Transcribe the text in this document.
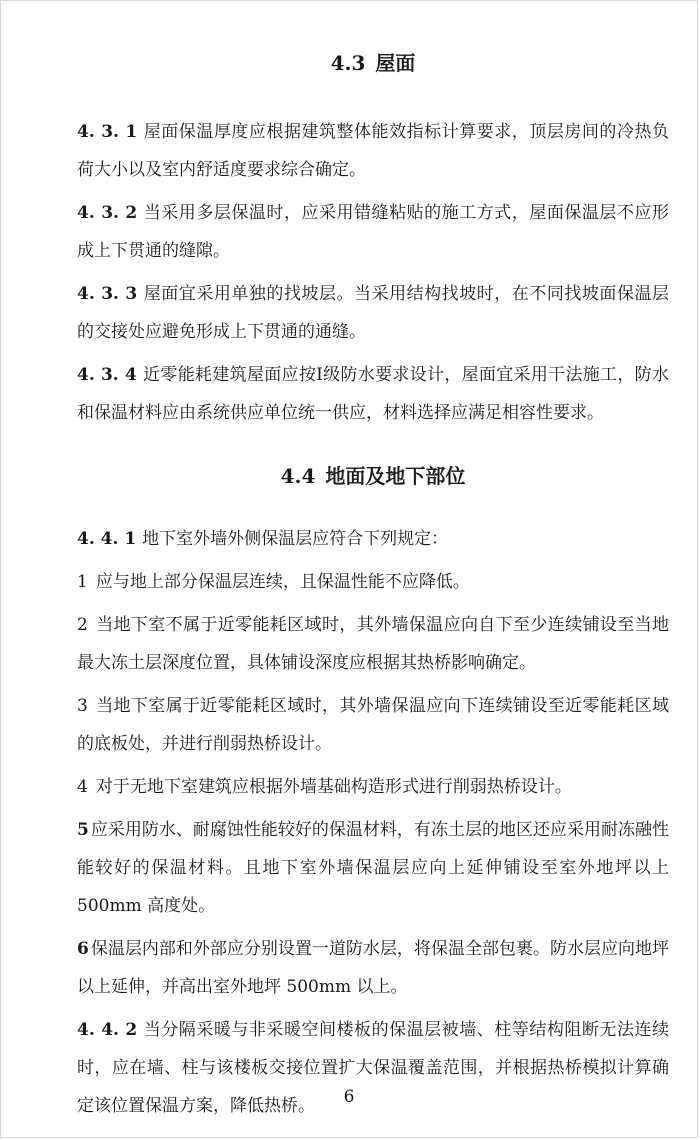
4.3 屋面

4. 3. 1 屋面保温厚度应根据建筑整体能效指标计算要求，顶层房间的冷热负荷大小以及室内舒适度要求综合确定。

4. 3. 2 当采用多层保温时，应采用错缝粘贴的施工方式，屋面保温层不应形成上下贯通的缝隙。

4. 3. 3 屋面宜采用单独的找坡层。当采用结构找坡时，在不同找坡面保温层的交接处应避免形成上下贯通的通缝。

4. 3. 4 近零能耗建筑屋面应按Ⅰ级防水要求设计，屋面宜采用干法施工，防水和保温材料应由系统供应单位统一供应，材料选择应满足相容性要求。

4.4 地面及地下部位

4. 4. 1 地下室外墙外侧保温层应符合下列规定：

1 应与地上部分保温层连续，且保温性能不应降低。

2 当地下室不属于近零能耗区域时，其外墙保温应向自下至少连续铺设至当地最大冻土层深度位置，具体铺设深度应根据其热桥影响确定。

3 当地下室属于近零能耗区域时，其外墙保温应向下连续铺设至近零能耗区域的底板处，并进行削弱热桥设计。

4 对于无地下室建筑应根据外墙基础构造形式进行削弱热桥设计。

5 应采用防水、耐腐蚀性能较好的保温材料，有冻土层的地区还应采用耐冻融性能较好的保温材料。且地下室外墙保温层应向上延伸铺设至室外地坪以上500mm 高度处。

6 保温层内部和外部应分别设置一道防水层，将保温全部包裹。防水层应向地坪以上延伸，并高出室外地坪 500mm 以上。

4. 4. 2 当分隔采暖与非采暖空间楼板的保温层被墙、柱等结构阻断无法连续时，应在墙、柱与该楼板交接位置扩大保温覆盖范围，并根据热桥模拟计算确定该位置保温方案，降低热桥。	6
